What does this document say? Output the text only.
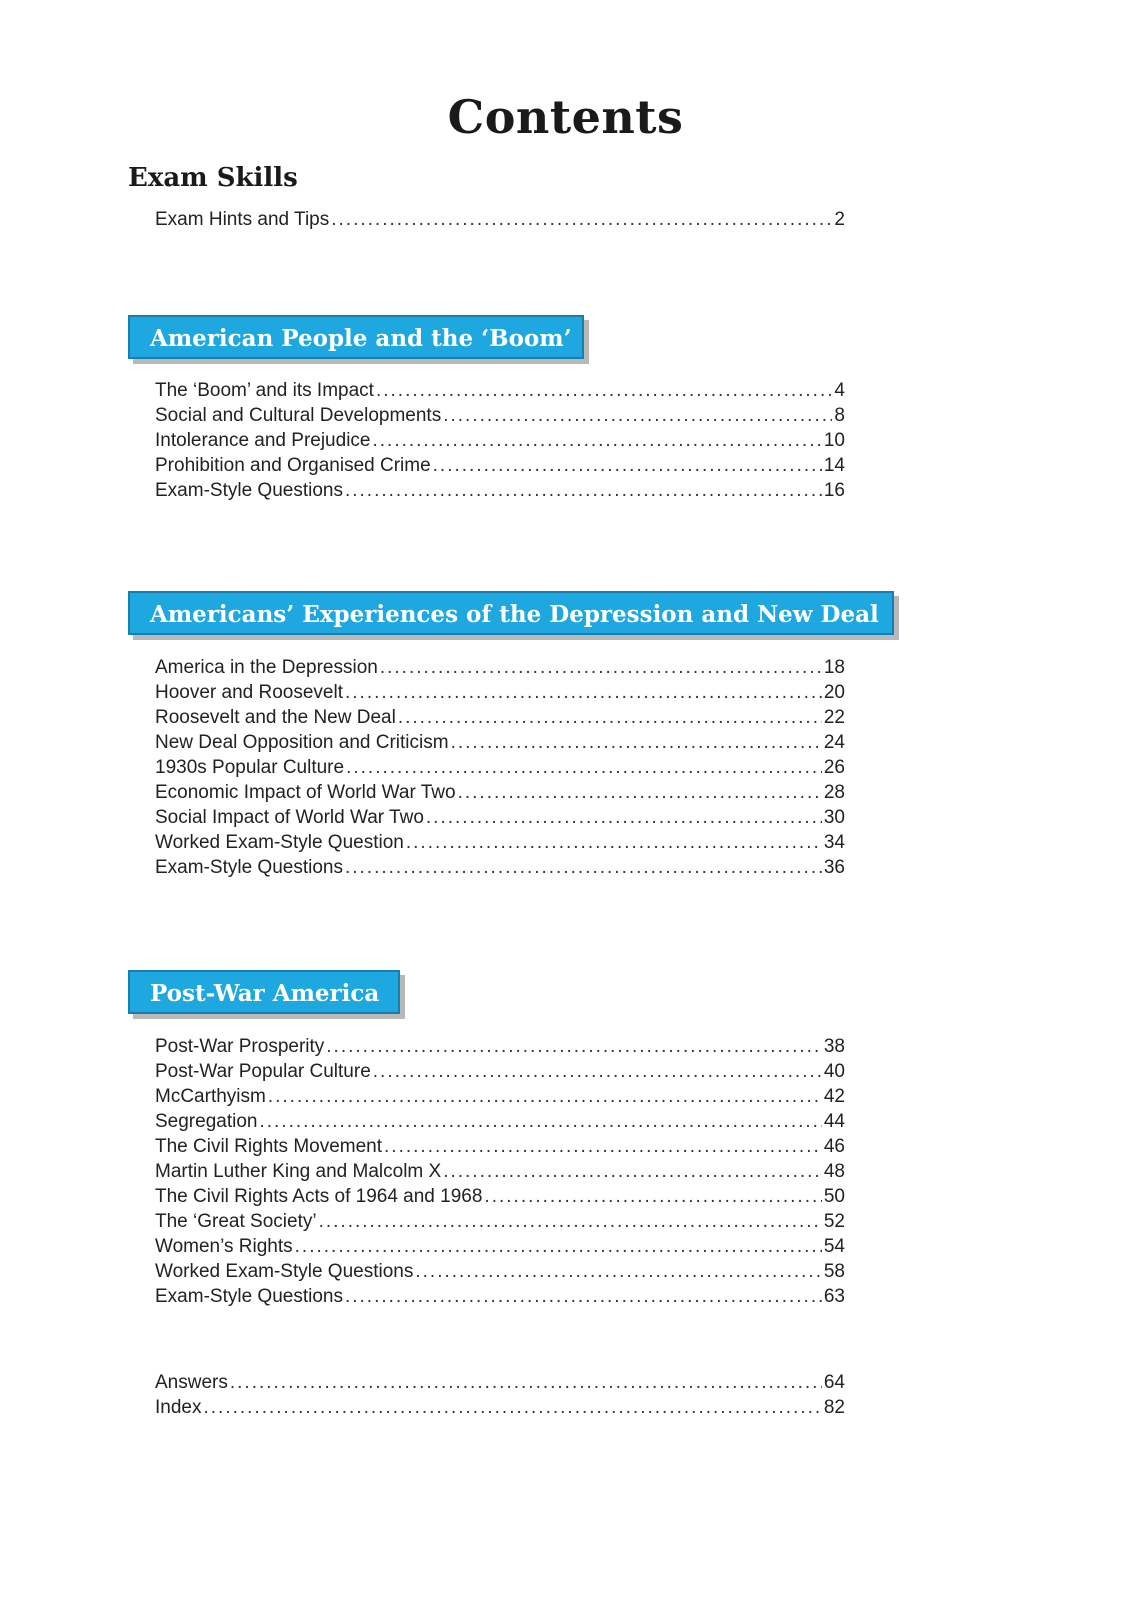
Contents
Exam Skills
Exam Hints and Tips .....	2
American People and the ‘Boom’
The ‘Boom’ and its Impact .....	4
Social and Cultural Developments .....	8
Intolerance and Prejudice .....	10
Prohibition and Organised Crime .....	14
Exam-Style Questions .....	16
Americans’ Experiences of the Depression and New Deal
America in the Depression .....	18
Hoover and Roosevelt .....	20
Roosevelt and the New Deal .....	22
New Deal Opposition and Criticism .....	24
1930s Popular Culture .....	26
Economic Impact of World War Two .....	28
Social Impact of World War Two .....	30
Worked Exam-Style Question .....	34
Exam-Style Questions .....	36
Post-War America
Post-War Prosperity .....	38
Post-War Popular Culture .....	40
McCarthyism .....	42
Segregation .....	44
The Civil Rights Movement .....	46
Martin Luther King and Malcolm X .....	48
The Civil Rights Acts of 1964 and 1968 .....	50
The ‘Great Society’ .....	52
Women’s Rights .....	54
Worked Exam-Style Questions .....	58
Exam-Style Questions .....	63
Answers .....	64
Index .....	82
